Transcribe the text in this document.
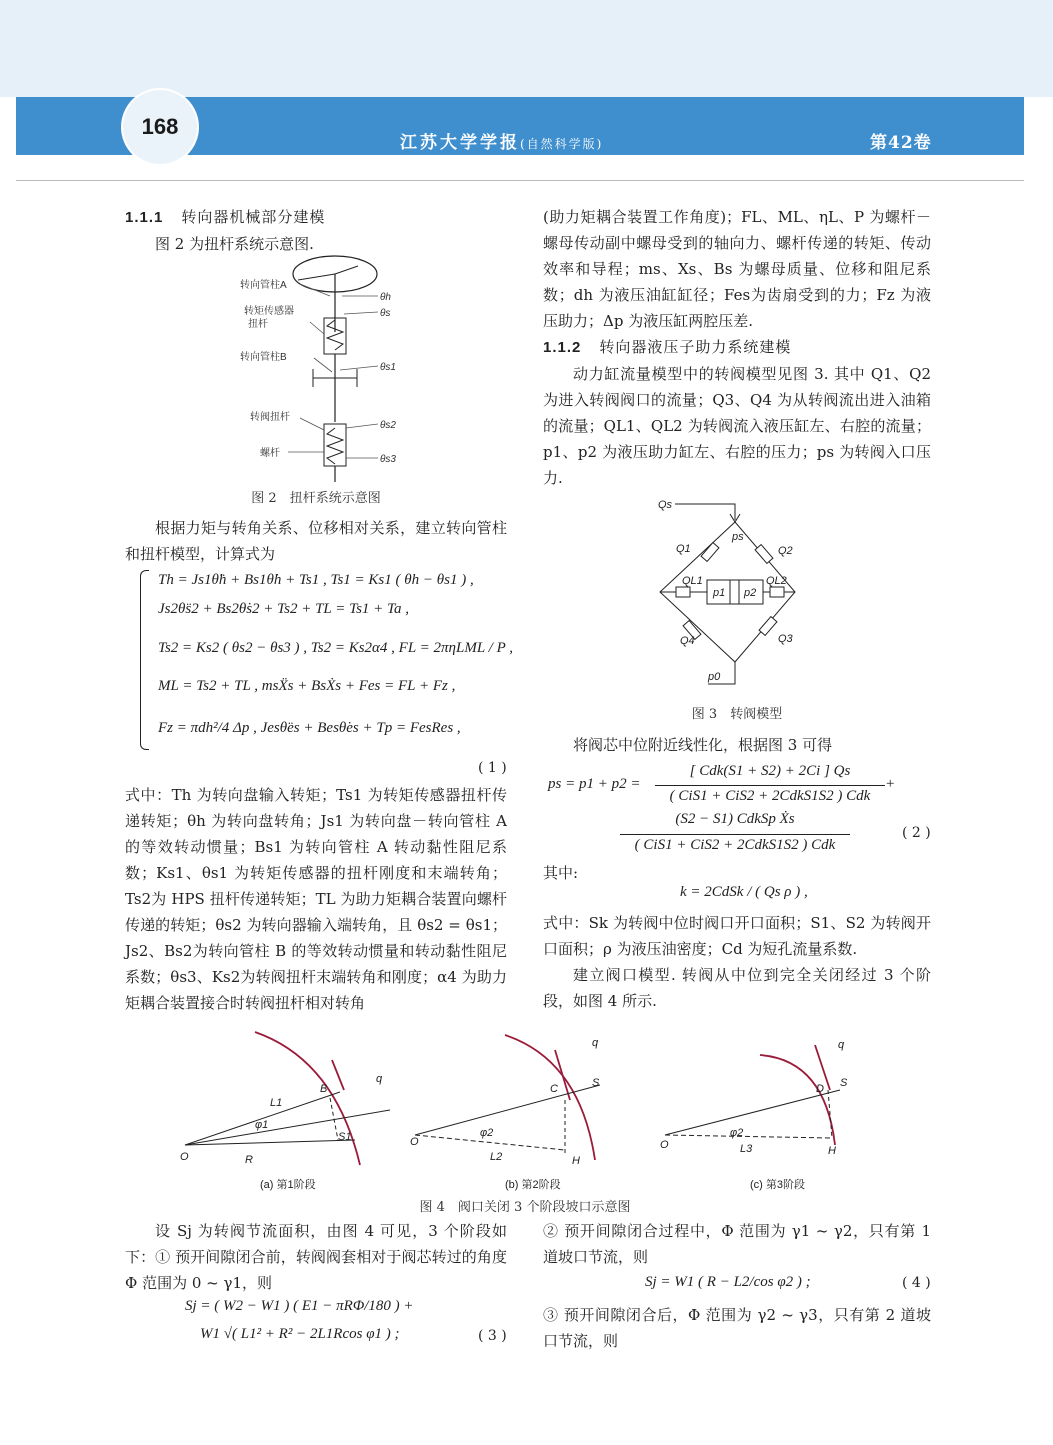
168
江苏大学学报(自然科学版)	第42卷

1.1.1 转向器机械部分建模

图 2 为扭杆系统示意图.

转向管柱A
转矩传感器
扭杆
转向管柱B
转阀扭杆
螺杆
θh
θs
θs1
θs2
θs3
图 2　扭杆系统示意图

根据力矩与转角关系、位移相对关系，建立转向管柱和扭杆模型，计算式为

Th = Js1θ̈h + Bs1θ̇h + Ts1 , Ts1 = Ks1 ( θh − θs1 ) ,
Js2θ̈s2 + Bs2θ̇s2 + Ts2 + TL = Ts1 + Ta ,
Ts2 = Ks2 ( θs2 − θs3 ) , Ts2 = Ks2α4 , FL = 2πηLML / P ,
ML = Ts2 + TL , msẌs + BsẊs + Fes = FL + Fz ,
Fz = πdh²/4 Δp , Jesθ̈es + Besθ̇es + Tp = FesRes ,
( 1 )

式中：Th 为转向盘输入转矩；Ts1 为转矩传感器扭杆传递转矩；θh 为转向盘转角；Js1 为转向盘－转向管柱 A 的等效转动惯量；Bs1 为转向管柱 A 转动黏性阻尼系数；Ks1、θs1 为转矩传感器的扭杆刚度和末端转角；Ts2为 HPS 扭杆传递转矩；TL 为助力矩耦合装置向螺杆传递的转矩；θs2 为转向器输入端转角，且 θs2 = θs1；Js2、Bs2为转向管柱 B 的等效转动惯量和转动黏性阻尼系数；θs3、Ks2为转阀扭杆末端转角和刚度；α4 为助力矩耦合装置接合时转阀扭杆相对转角

(助力矩耦合装置工作角度)；FL、ML、ηL、P 为螺杆－螺母传动副中螺母受到的轴向力、螺杆传递的转矩、传动效率和导程；ms、Xs、Bs 为螺母质量、位移和阻尼系数；dh 为液压油缸缸径；Fes为齿扇受到的力；Fz 为液压助力；Δp 为液压缸两腔压差.

1.1.2 转向器液压子助力系统建模

动力缸流量模型中的转阀模型见图 3. 其中 Q1、Q2 为进入转阀阀口的流量；Q3、Q4 为从转阀流出进入油箱的流量；QL1、QL2 为转阀流入液压缸左、右腔的流量；p1、p2 为液压助力缸左、右腔的压力；ps 为转阀入口压力.

Qs
ps
Q1	Q2
QL1	QL2
p1 p2
Q4	Q3
p0
图 3　转阀模型

将阀芯中位附近线性化，根据图 3 可得

ps = p1 + p2 =
[ Cdk(S1 + S2) + 2Ci ] Qs
( CiS1 + CiS2 + 2CdkS1S2 ) Cdk
+
(S2 − S1) CdkSp Ẋs
( CiS1 + CiS2 + 2CdkS1S2 ) Cdk
( 2 )

其中:

k = 2CdSk / ( Qs ρ ) ,

式中：Sk 为转阀中位时阀口开口面积；S1、S2 为转阀开口面积；ρ 为液压油密度；Cd 为短孔流量系数.

建立阀口模型. 转阀从中位到完全关闭经过 3 个阶段，如图 4 所示.

O
L1
φ1
R
B
S1
q
O
φ2
L2
C	S
H
q
O
φ2
L3
D S
H
q
(a) 第1阶段	(b) 第2阶段	(c) 第3阶段
图 4　阀口关闭 3 个阶段坡口示意图

设 Sj 为转阀节流面积，由图 4 可见，3 个阶段如下：① 预开间隙闭合前，转阀阀套相对于阀芯转过的角度 Φ 范围为 0 ~ γ1，则

Sj = ( W2 − W1 ) ( E1 − πRΦ/180 ) +
W1 √( L1² + R² − 2L1Rcos φ1 ) ;	( 3 )

② 预开间隙闭合过程中，Φ 范围为 γ1 ~ γ2，只有第 1 道坡口节流，则

Sj = W1 ( R − L2/cos φ2 ) ;	( 4 )

③ 预开间隙闭合后，Φ 范围为 γ2 ~ γ3，只有第 2 道坡口节流，则
